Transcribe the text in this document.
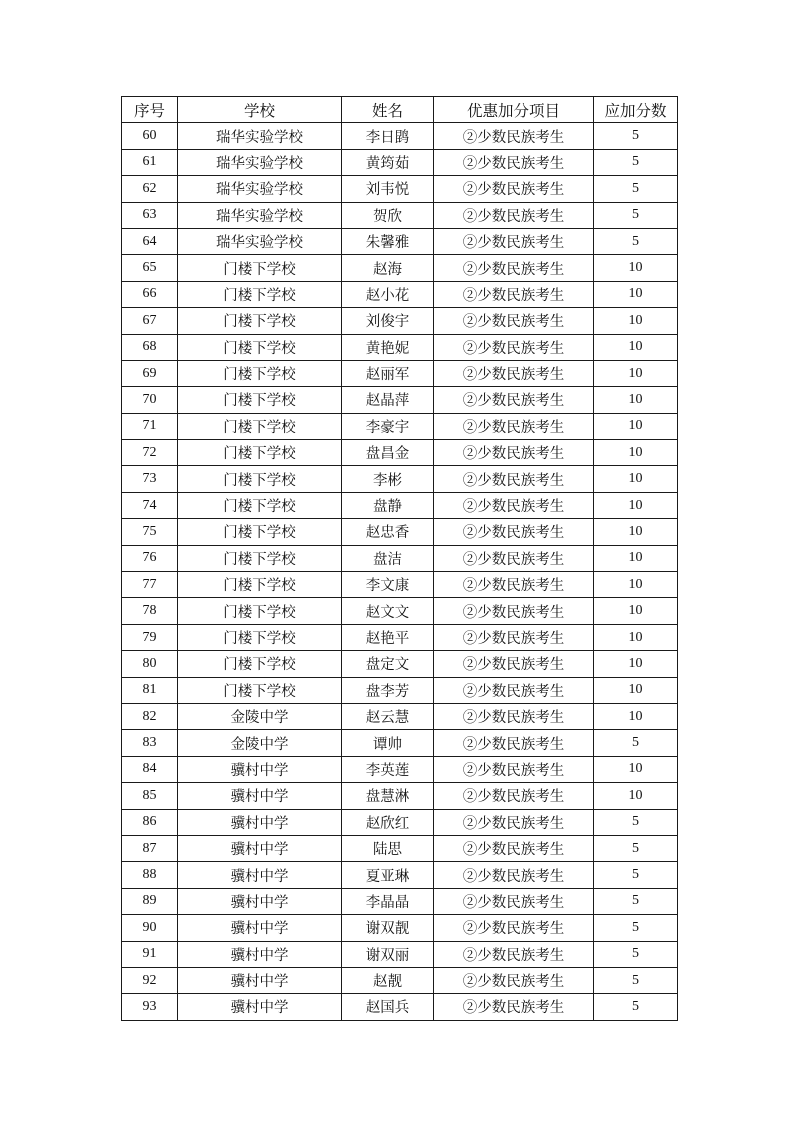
序号	学校	姓名	优惠加分项目	应加分数
60	瑞华实验学校	李日鹍	②少数民族考生	5
61	瑞华实验学校	黄筠茹	②少数民族考生	5
62	瑞华实验学校	刘韦悦	②少数民族考生	5
63	瑞华实验学校	贺欣	②少数民族考生	5
64	瑞华实验学校	朱馨雅	②少数民族考生	5
65	门楼下学校	赵海	②少数民族考生	10
66	门楼下学校	赵小花	②少数民族考生	10
67	门楼下学校	刘俊宇	②少数民族考生	10
68	门楼下学校	黄艳妮	②少数民族考生	10
69	门楼下学校	赵丽军	②少数民族考生	10
70	门楼下学校	赵晶萍	②少数民族考生	10
71	门楼下学校	李豪宇	②少数民族考生	10
72	门楼下学校	盘昌金	②少数民族考生	10
73	门楼下学校	李彬	②少数民族考生	10
74	门楼下学校	盘静	②少数民族考生	10
75	门楼下学校	赵忠香	②少数民族考生	10
76	门楼下学校	盘洁	②少数民族考生	10
77	门楼下学校	李文康	②少数民族考生	10
78	门楼下学校	赵文文	②少数民族考生	10
79	门楼下学校	赵艳平	②少数民族考生	10
80	门楼下学校	盘定文	②少数民族考生	10
81	门楼下学校	盘李芳	②少数民族考生	10
82	金陵中学	赵云慧	②少数民族考生	10
83	金陵中学	谭帅	②少数民族考生	5
84	骥村中学	李英莲	②少数民族考生	10
85	骥村中学	盘慧淋	②少数民族考生	10
86	骥村中学	赵欣红	②少数民族考生	5
87	骥村中学	陆思	②少数民族考生	5
88	骥村中学	夏亚琳	②少数民族考生	5
89	骥村中学	李晶晶	②少数民族考生	5
90	骥村中学	谢双靓	②少数民族考生	5
91	骥村中学	谢双丽	②少数民族考生	5
92	骥村中学	赵靓	②少数民族考生	5
93	骥村中学	赵国兵	②少数民族考生	5
